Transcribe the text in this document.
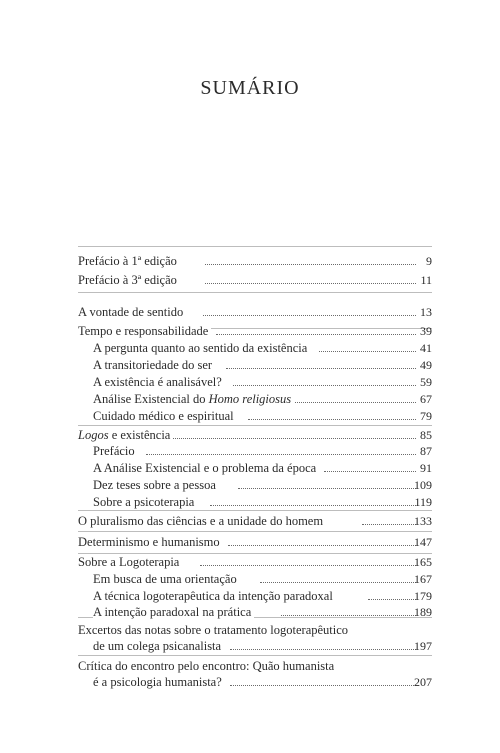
SUMÁRIO
Prefácio à 1ª edição	9
Prefácio à 3ª edição	11
A vontade de sentido	13
Tempo e responsabilidade	39
A pergunta quanto ao sentido da existência	41
A transitoriedade do ser	49
A existência é analisável?	59
Análise Existencial do Homo religiosus	67
Cuidado médico e espiritual	79
Logos e existência	85
Prefácio	87
A Análise Existencial e o problema da época	91
Dez teses sobre a pessoa	109
Sobre a psicoterapia	119
O pluralismo das ciências e a unidade do homem	133
Determinismo e humanismo	147
Sobre a Logoterapia	165
Em busca de uma orientação	167
A técnica logoterapêutica da intenção paradoxal	179
A intenção paradoxal na prática	189
Excertos das notas sobre o tratamento logoterapêutico
de um colega psicanalista	197
Crítica do encontro pelo encontro: Quão humanista
é a psicologia humanista?	207
